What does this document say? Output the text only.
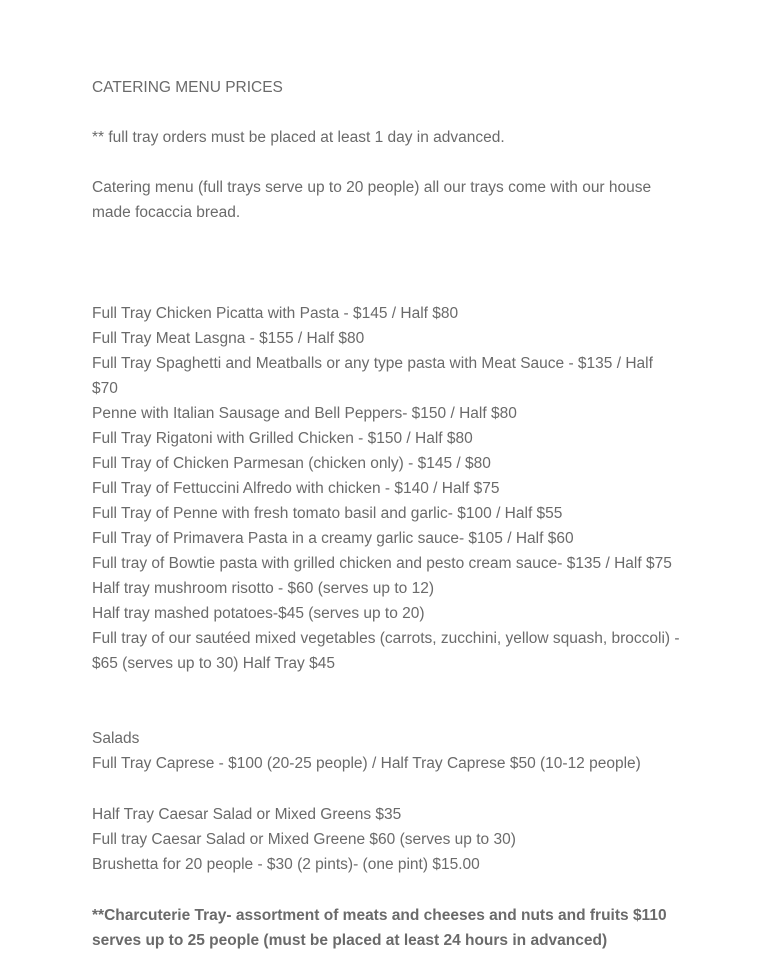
CATERING MENU PRICES

** full tray orders must be placed at least 1 day in advanced.

Catering menu (full trays serve up to 20 people) all our trays come with our house made focaccia bread.

Full Tray Chicken Picatta with Pasta - $145 / Half $80
Full Tray Meat Lasgna - $155 / Half $80
Full Tray Spaghetti and Meatballs or any type pasta with Meat Sauce - $135 / Half $70
Penne with Italian Sausage and Bell Peppers- $150 / Half $80
Full Tray Rigatoni with Grilled Chicken - $150 / Half $80
Full Tray of Chicken Parmesan (chicken only) - $145 / $80
Full Tray of Fettuccini Alfredo with chicken - $140 / Half $75
Full Tray of Penne with fresh tomato basil and garlic- $100 / Half $55
Full Tray of Primavera Pasta in a creamy garlic sauce- $105 / Half $60
Full tray of Bowtie pasta with grilled chicken and pesto cream sauce- $135 / Half $75
Half tray mushroom risotto - $60 (serves up to 12)
Half tray mashed potatoes-$45 (serves up to 20)
Full tray of our sautéed mixed vegetables (carrots, zucchini, yellow squash, broccoli) - $65 (serves up to 30) Half Tray $45

Salads

Full Tray Caprese - $100 (20-25 people) / Half Tray Caprese $50 (10-12 people)

Half Tray Caesar Salad or Mixed Greens $35
Full tray Caesar Salad or Mixed Greene $60 (serves up to 30)
Brushetta for 20 people - $30 (2 pints)- (one pint) $15.00

**Charcuterie Tray- assortment of meats and cheeses and nuts and fruits $110 serves up to 25 people (must be placed at least 24 hours in advanced)
